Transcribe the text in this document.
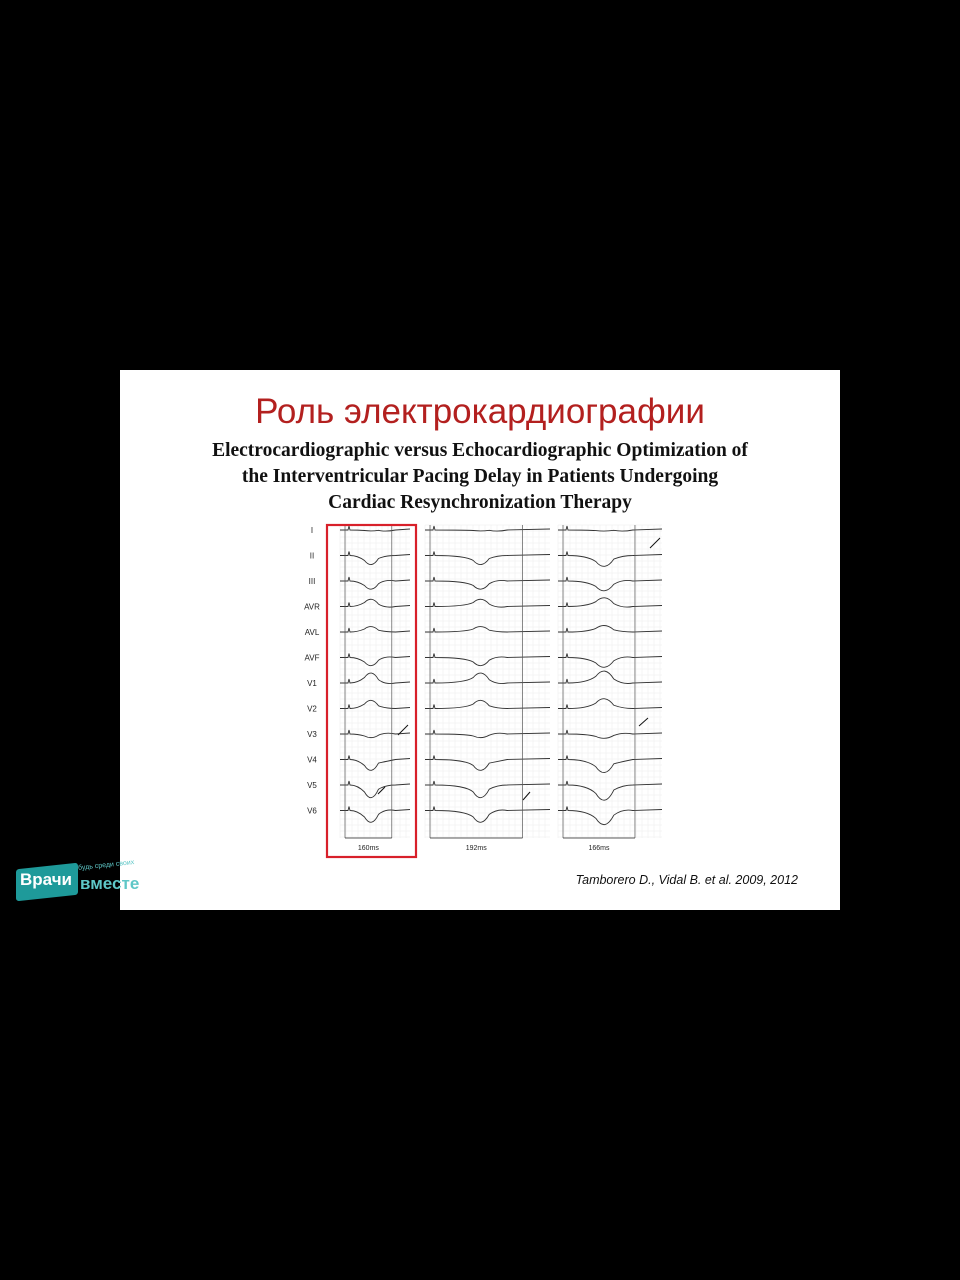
Роль электрокардиографии
Electrocardiographic versus Echocardiographic Optimization of
the Interventricular Pacing Delay in Patients Undergoing
Cardiac Resynchronization Therapy
I
II
III
AVR
AVL
AVF
V1
V2
V3
V4
V5
V6
160ms	192ms	166ms
Tamborero D., Vidal B. et al. 2009, 2012
Врачи
будь среди своих
вместе
